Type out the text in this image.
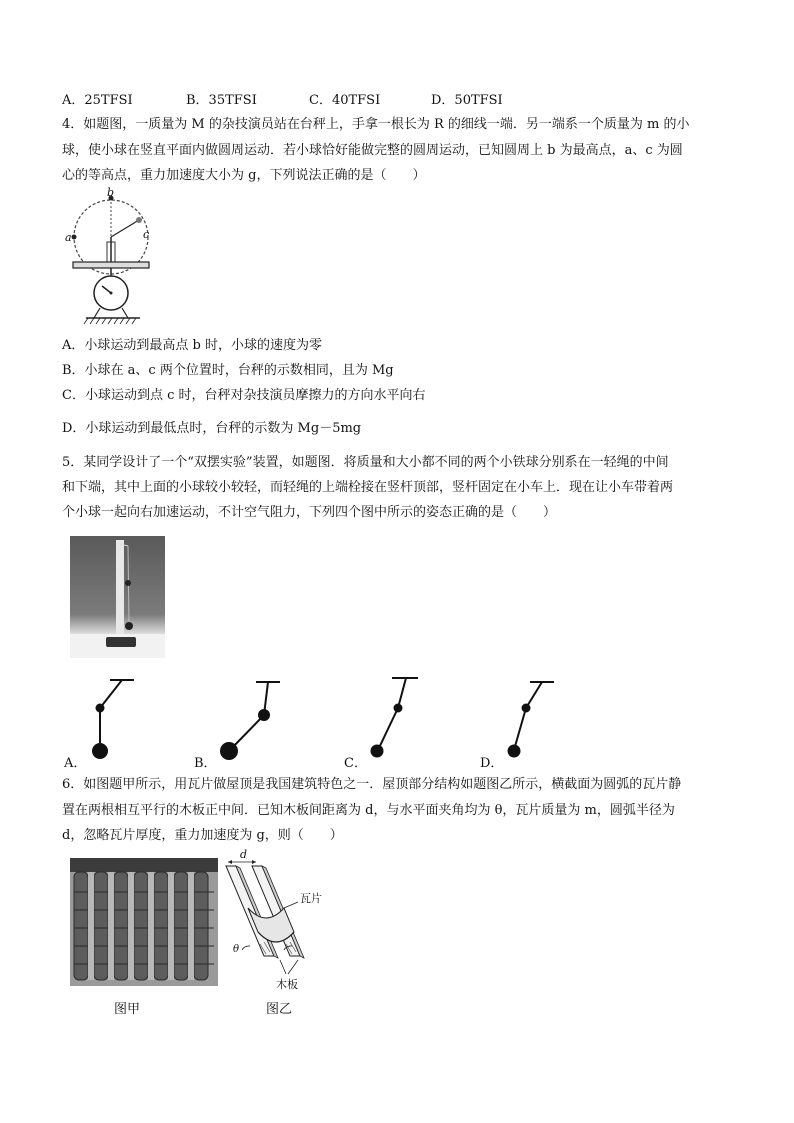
A．25TFSI	B．35TFSI	C．40TFSI	D．50TFSI
4．如题图，一质量为 M 的杂技演员站在台秤上，手拿一根长为 R 的细线一端．另一端系一个质量为 m 的小
球，使小球在竖直平面内做圆周运动．若小球恰好能做完整的圆周运动，已知圆周上 b 为最高点，a、c 为圆
心的等高点，重力加速度大小为 g，下列说法正确的是（　　）
b
a	c
A．小球运动到最高点 b 时，小球的速度为零
B．小球在 a、c 两个位置时，台秤的示数相同，且为 Mg
C．小球运动到点 c 时，台秤对杂技演员摩擦力的方向水平向右
D．小球运动到最低点时，台秤的示数为 Mg－5mg
5．某同学设计了一个“双摆实验”装置，如题图．将质量和大小都不同的两个小铁球分别系在一轻绳的中间
和下端，其中上面的小球较小较轻，而轻绳的上端栓接在竖杆顶部，竖杆固定在小车上．现在让小车带着两
个小球一起向右加速运动，不计空气阻力，下列四个图中所示的姿态正确的是（　　）
A．	B．	C．	D．
6．如图题甲所示，用瓦片做屋顶是我国建筑特色之一．屋顶部分结构如题图乙所示，横截面为圆弧的瓦片静
置在两根相互平行的木板正中间．已知木板间距离为 d，与水平面夹角均为 θ，瓦片质量为 m，圆弧半径为
d，忽略瓦片厚度，重力加速度为 g，则（　　）
图甲
d
瓦片
θ
木板
图乙
